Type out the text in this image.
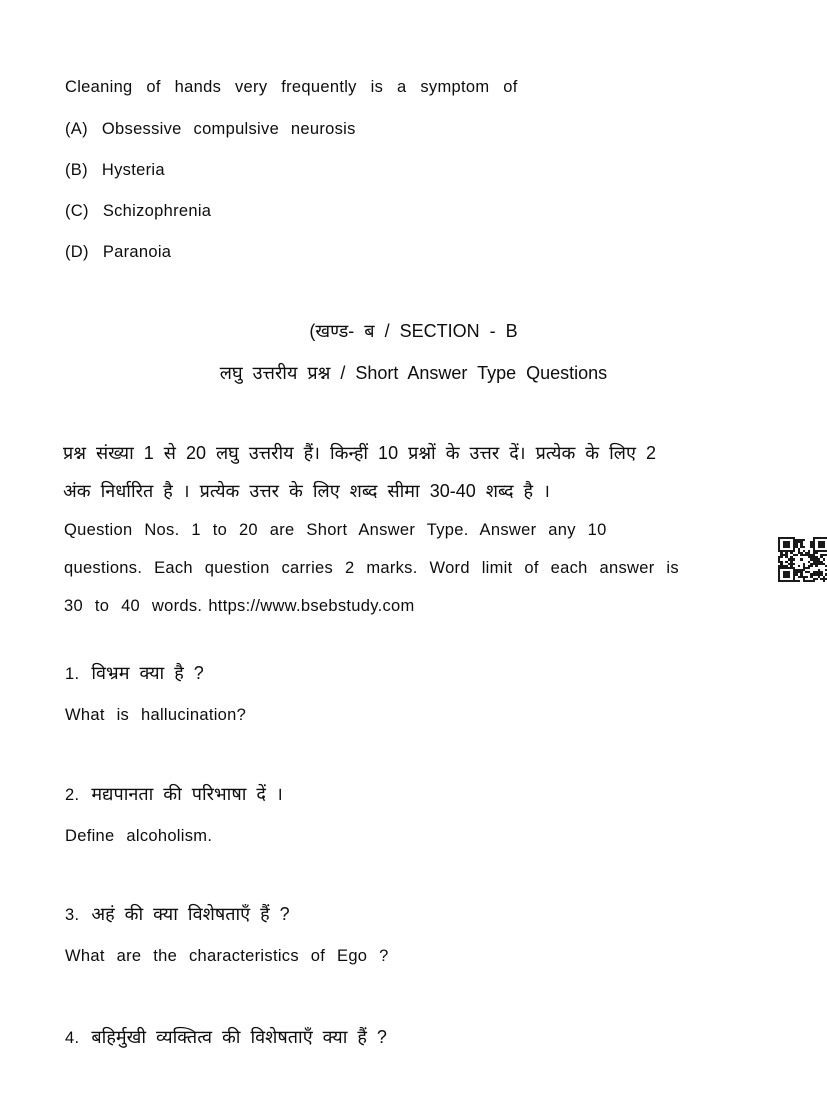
Cleaning of hands very frequently is a symptom of
(A) Obsessive compulsive neurosis
(B) Hysteria
(C) Schizophrenia
(D) Paranoia
(खण्ड- ब / SECTION - B
लघु उत्तरीय प्रश्न / Short Answer Type Questions
प्रश्न संख्या 1 से 20 लघु उत्तरीय हैं। किन्हीं 10 प्रश्नों के उत्तर दें। प्रत्येक के लिए 2
अंक निर्धारित है । प्रत्येक उत्तर के लिए शब्द सीमा 30-40 शब्द है ।
Question Nos. 1 to 20 are Short Answer Type. Answer any 10
questions. Each question carries 2 marks. Word limit of each answer is
30 to 40 words. https://www.bsebstudy.com
1. विभ्रम क्या है ?
What is hallucination?
2. मद्यपानता की परिभाषा दें ।
Define alcoholism.
3. अहं की क्या विशेषताएँ हैं ?
What are the characteristics of Ego ?
4. बहिर्मुखी व्यक्तित्व की विशेषताएँ क्या हैं ?
